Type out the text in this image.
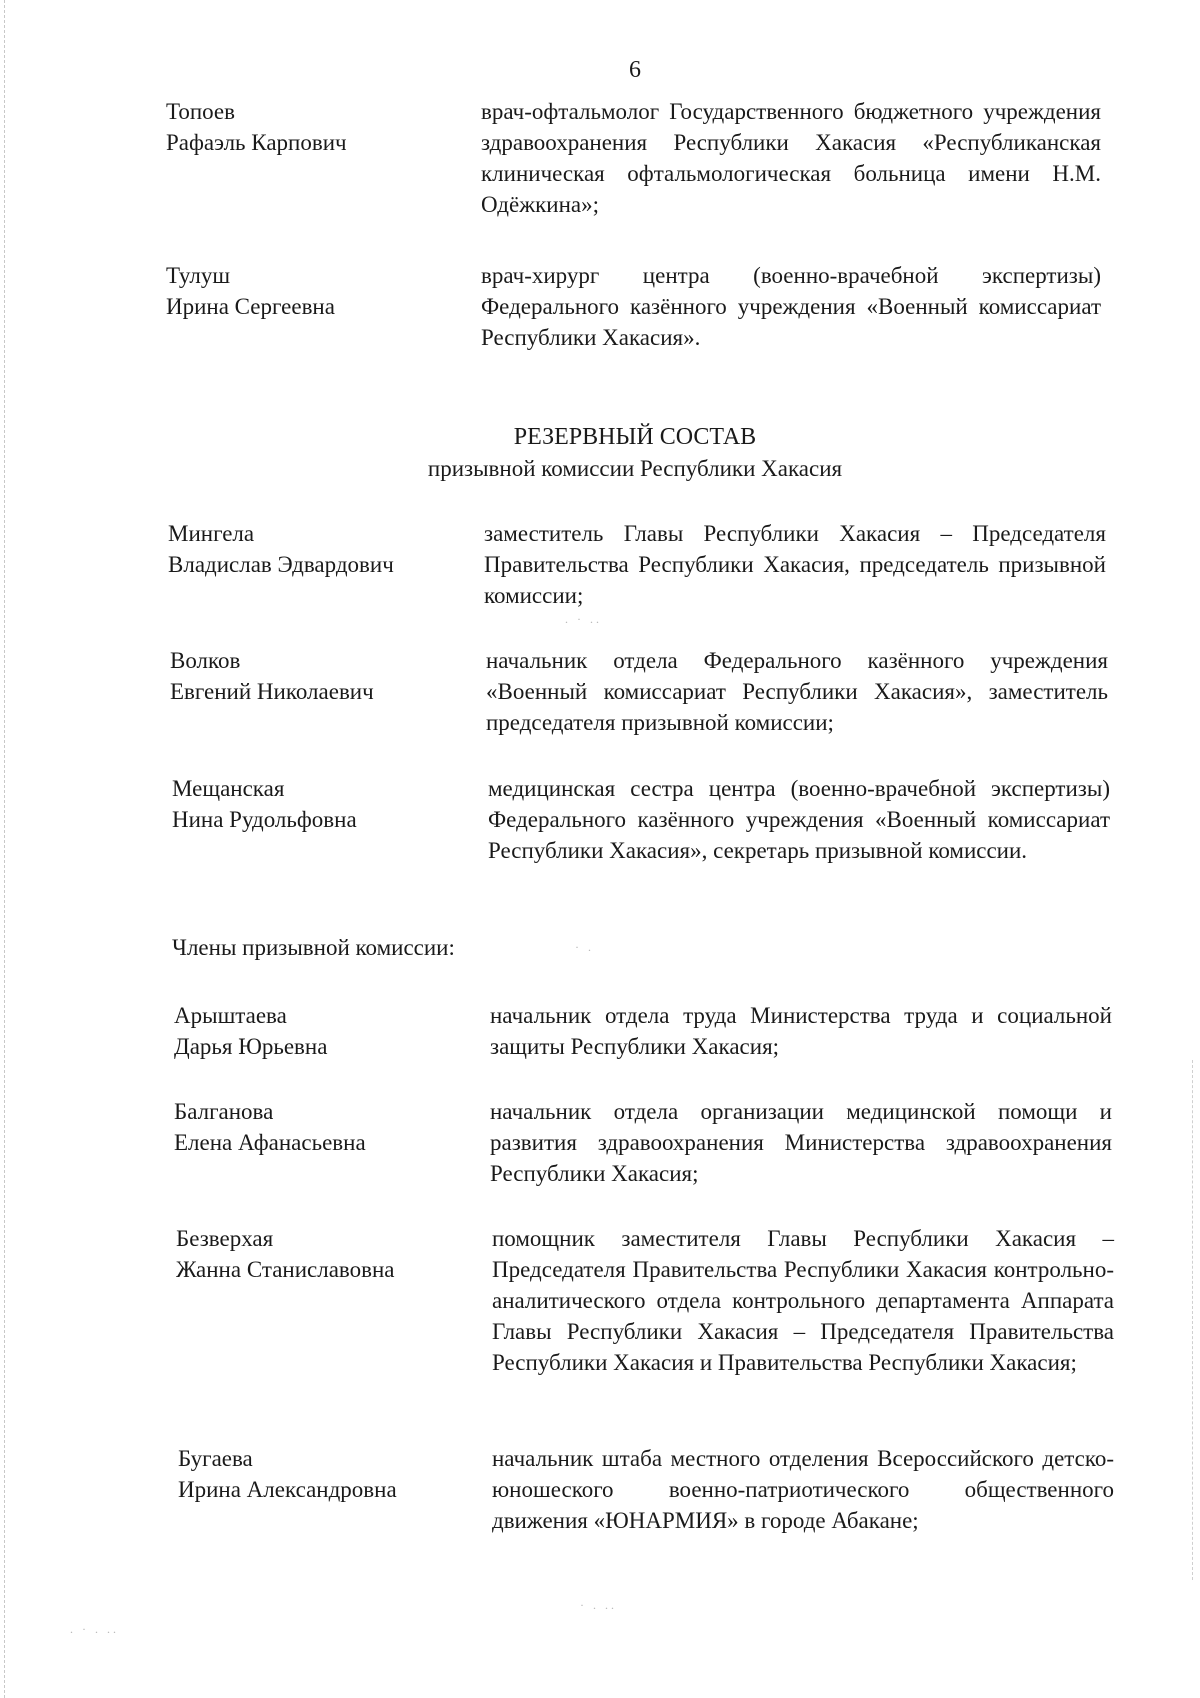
6
Топоев
Рафаэль Карпович
врач-офтальмолог Государственного бюджетного учреждения здравоохранения Республики Хакасия «Республиканская клиническая офтальмологическая больница имени Н.М. Одёжкина»;
Тулуш
Ирина Сергеевна
врач-хирург центра (военно-врачебной экспертизы) Федерального казённого учреждения «Военный комиссариат Республики Хакасия».
РЕЗЕРВНЫЙ СОСТАВ
призывной комиссии Республики Хакасия
Мингела
Владислав Эдвардович
заместитель Главы Республики Хакасия – Председателя Правительства Республики Хакасия, председатель призывной комиссии;
Волков
Евгений Николаевич
начальник отдела Федерального казённого учреждения «Военный комиссариат Республики Хакасия», заместитель председателя призывной комиссии;
Мещанская
Нина Рудольфовна
медицинская сестра центра (военно-врачебной экспертизы) Федерального казённого учреждения «Военный комиссариат Республики Хакасия», секретарь призывной комиссии.
Члены призывной комиссии:
Арыштаева
Дарья Юрьевна
начальник отдела труда Министерства труда и социальной защиты Республики Хакасия;
Балганова
Елена Афанасьевна
начальник отдела организации медицинской помощи и развития здравоохранения Министерства здравоохранения Республики Хакасия;
Безверхая
Жанна Станиславовна
помощник заместителя Главы Республики Хакасия – Председателя Правительства Республики Хакасия контрольно-аналитического отдела контрольного департамента Аппарата Главы Республики Хакасия – Председателя Правительства Республики Хакасия и Правительства Республики Хакасия;
Бугаева
Ирина Александровна
начальник штаба местного отделения Всероссийского детско-юношеского военно-патриотического общественного движения «ЮНАРМИЯ» в городе Абакане;
. · ..
· .
· . ..
. · . ..
